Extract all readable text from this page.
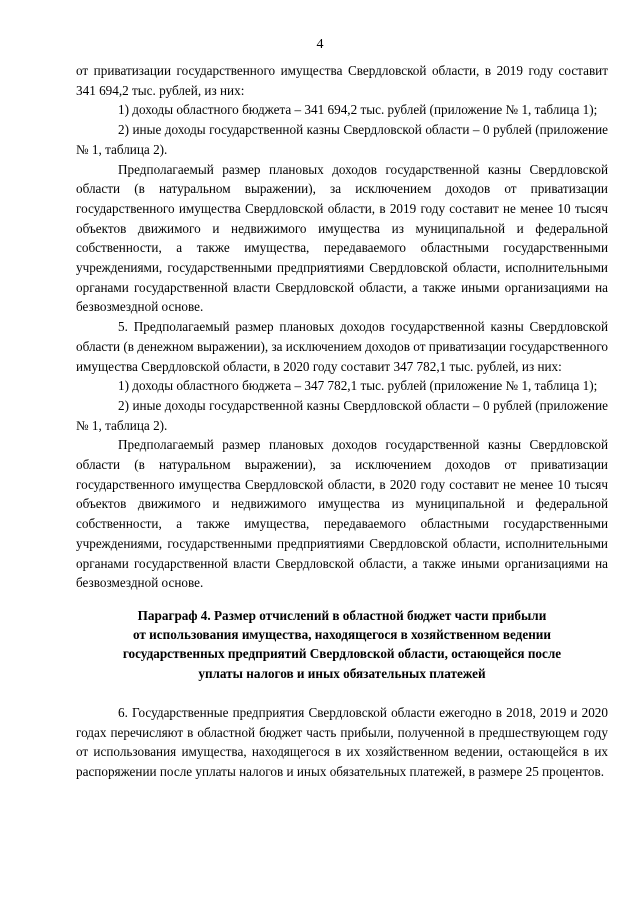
4

от приватизации государственного имущества Свердловской области, в 2019 году составит 341 694,2 тыс. рублей, из них:

1) доходы областного бюджета – 341 694,2 тыс. рублей (приложение № 1, таблица 1);

2) иные доходы государственной казны Свердловской области – 0 рублей (приложение № 1, таблица 2).

Предполагаемый размер плановых доходов государственной казны Свердловской области (в натуральном выражении), за исключением доходов от приватизации государственного имущества Свердловской области, в 2019 году составит не менее 10 тысяч объектов движимого и недвижимого имущества из муниципальной и федеральной собственности, а также имущества, передаваемого областными государственными учреждениями, государственными предприятиями Свердловской области, исполнительными органами государственной власти Свердловской области, а также иными организациями на безвозмездной основе.

5. Предполагаемый размер плановых доходов государственной казны Свердловской области (в денежном выражении), за исключением доходов от приватизации государственного имущества Свердловской области, в 2020 году составит 347 782,1 тыс. рублей, из них:

1) доходы областного бюджета – 347 782,1 тыс. рублей (приложение № 1, таблица 1);

2) иные доходы государственной казны Свердловской области – 0 рублей (приложение № 1, таблица 2).

Предполагаемый размер плановых доходов государственной казны Свердловской области (в натуральном выражении), за исключением доходов от приватизации государственного имущества Свердловской области, в 2020 году составит не менее 10 тысяч объектов движимого и недвижимого имущества из муниципальной и федеральной собственности, а также имущества, передаваемого областными государственными учреждениями, государственными предприятиями Свердловской области, исполнительными органами государственной власти Свердловской области, а также иными организациями на безвозмездной основе.

Параграф 4. Размер отчислений в областной бюджет части прибыли
от использования имущества, находящегося в хозяйственном ведении
государственных предприятий Свердловской области, остающейся после
уплаты налогов и иных обязательных платежей

6. Государственные предприятия Свердловской области ежегодно в 2018, 2019 и 2020 годах перечисляют в областной бюджет часть прибыли, полученной в предшествующем году от использования имущества, находящегося в их хозяйственном ведении, остающейся в их распоряжении после уплаты налогов и иных обязательных платежей, в размере 25 процентов.
